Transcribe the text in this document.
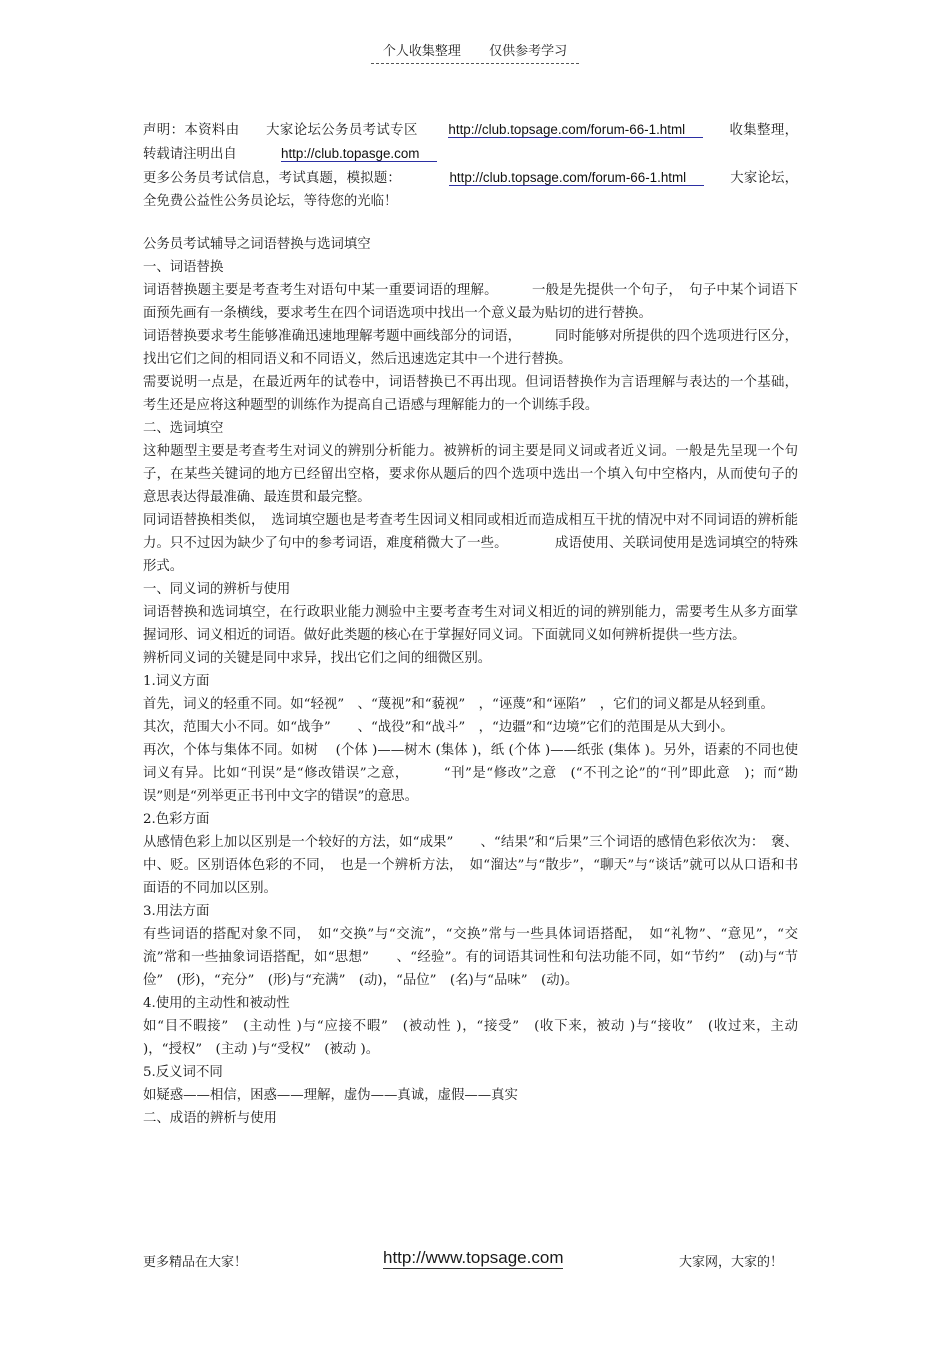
个人收集整理 仅供参考学习

声明：本资料由 大家论坛公务员考试专区 http://club.topsage.com/forum-66-1.html	收集整理，转载请注明出自	http://club.topasge.com

更多公务员考试信息，考试真题，模拟题：	http://club.topsage.com/forum-66-1.html	大家论坛，全免费公益性公务员论坛，等待您的光临！

公务员考试辅导之词语替换与选词填空

一、词语替换

词语替换题主要是考查考生对语句中某一重要词语的理解。　　　一般是先提供一个句子，　句子中某个词语下面预先画有一条横线，要求考生在四个词语选项中找出一个意义最为贴切的进行替换。

词语替换要求考生能够准确迅速地理解考题中画线部分的词语，　　　同时能够对所提供的四个选项进行区分，找出它们之间的相同语义和不同语义，然后迅速选定其中一个进行替换。

需要说明一点是，在最近两年的试卷中，词语替换已不再出现。但词语替换作为言语理解与表达的一个基础，考生还是应将这种题型的训练作为提高自己语感与理解能力的一个训练手段。

二、选词填空

这种题型主要是考查考生对词义的辨别分析能力。被辨析的词主要是同义词或者近义词。一般是先呈现一个句子，在某些关键词的地方已经留出空格，要求你从题后的四个选项中选出一个填入句中空格内，从而使句子的意思表达得最准确、最连贯和最完整。

同词语替换相类似，　选词填空题也是考查考生因词义相同或相近而造成相互干扰的情况中对不同词语的辨析能力。只不过因为缺少了句中的参考词语，难度稍微大了一些。　　　　成语使用、关联词使用是选词填空的特殊形式。

一、同义词的辨析与使用

词语替换和选词填空，在行政职业能力测验中主要考查考生对词义相近的词的辨别能力，需要考生从多方面掌握词形、词义相近的词语。做好此类题的核心在于掌握好同义词。下面就同义如何辨析提供一些方法。

辨析同义词的关键是同中求异，找出它们之间的细微区别。

1.词义方面

首先，词义的轻重不同。如“轻视”　、“蔑视”和“藐视”　，“诬蔑”和“诬陷”　，它们的词义都是从轻到重。

其次，范围大小不同。如“战争”　　、“战役”和“战斗”　，“边疆”和“边境”它们的范围是从大到小。

再次，个体与集体不同。如树　 (个体 )——树木 (集体 )，纸 (个体 )——纸张 (集体 )。另外，语素的不同也使词义有异。比如“刊误”是“修改错误”之意，　　　“刊”是“修改”之意　(“不刊之论”的“刊”即此意　)；而“勘误”则是“列举更正书刊中文字的错误”的意思。

2.色彩方面

从感情色彩上加以区别是一个较好的方法，如“成果”　　、“结果”和“后果”三个词语的感情色彩依次为：　褒、中、贬。区别语体色彩的不同，　也是一个辨析方法，　如“溜达”与“散步”，“聊天”与“谈话”就可以从口语和书面语的不同加以区别。

3.用法方面

有些词语的搭配对象不同，　如“交换”与“交流”，“交换”常与一些具体词语搭配，　如“礼物”、“意见”，“交流”常和一些抽象词语搭配，如“思想”　　、“经验”。有的词语其词性和句法功能不同，如“节约”　(动)与“节俭”　(形)，“充分”　(形)与“充满”　(动)，“品位”　(名)与“品味”　(动)。

4.使用的主动性和被动性

如“目不暇接”　(主动性 )与“应接不暇”　(被动性 )，“接受”　(收下来，被动 )与“接收”　(收过来，主动 )，“授权”　(主动 )与“受权”　(被动 )。

5.反义词不同

如疑惑——相信，困惑——理解，虚伪——真诚，虚假——真实

二、成语的辨析与使用

更多精品在大家！	http://www.topsage.com	大家网，大家的！
